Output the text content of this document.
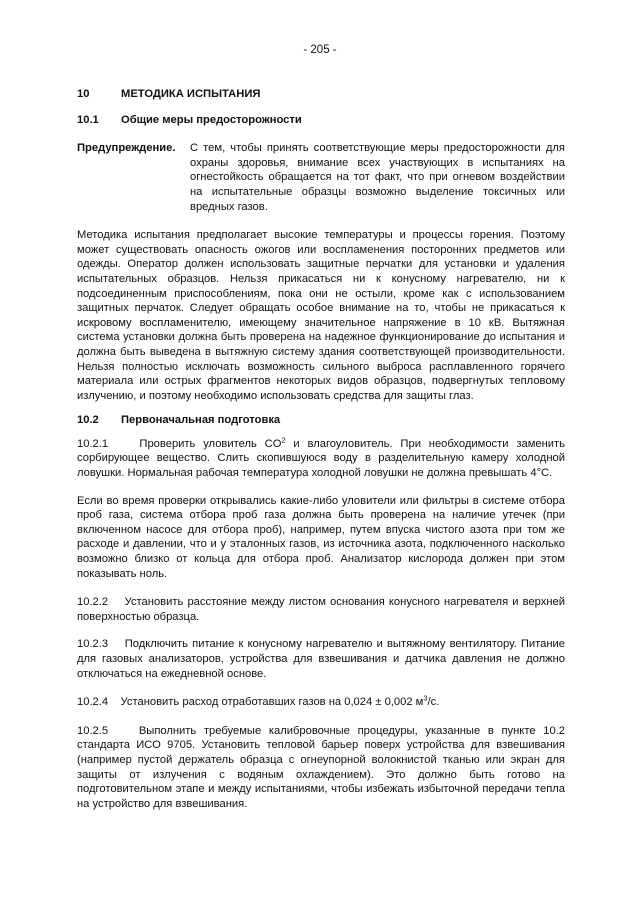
- 205 -
10	МЕТОДИКА ИСПЫТАНИЯ
10.1	Общие меры предосторожности
Предупреждение.	С тем, чтобы принять соответствующие меры предосторожности для охраны здоровья, внимание всех участвующих в испытаниях на огнестойкость обращается на тот факт, что при огневом воздействии на испытательные образцы возможно выделение токсичных или вредных газов.

Методика испытания предполагает высокие температуры и процессы горения. Поэтому может существовать опасность ожогов или воспламенения посторонних предметов или одежды. Оператор должен использовать защитные перчатки для установки и удаления испытательных образцов. Нельзя прикасаться ни к конусному нагревателю, ни к подсоединенным приспособлениям, пока они не остыли, кроме как с использованием защитных перчаток. Следует обращать особое внимание на то, чтобы не прикасаться к искровому воспламенителю, имеющему значительное напряжение в 10 кВ. Вытяжная система установки должна быть проверена на надежное функционирование до испытания и должна быть выведена в вытяжную систему здания соответствующей производительности. Нельзя полностью исключать возможность сильного выброса расплавленного горячего материала или острых фрагментов некоторых видов образцов, подвергнутых тепловому излучению, и поэтому необходимо использовать средства для защиты глаз.

10.2	Первоначальная подготовка

10.2.1	Проверить уловитель $CO^2$ и влагоуловитель. При необходимости заменить сорбирующее вещество. Слить скопившуюся воду в разделительную камеру холодной ловушки. Нормальная рабочая температура холодной ловушки не должна превышать 4°C.

Если во время проверки открывались какие-либо уловители или фильтры в системе отбора проб газа, система отбора проб газа должна быть проверена на наличие утечек (при включенном насосе для отбора проб), например, путем впуска чистого азота при том же расходе и давлении, что и у эталонных газов, из источника азота, подключенного насколько возможно близко от кольца для отбора проб. Анализатор кислорода должен при этом показывать ноль.

10.2.2 Установить расстояние между листом основания конусного нагревателя и верхней поверхностью образца.

10.2.3 Подключить питание к конусному нагревателю и вытяжному вентилятору. Питание для газовых анализаторов, устройства для взвешивания и датчика давления не должно отключаться на ежедневной основе.

10.2.4 Установить расход отработавших газов на 0,024 ± 0,002 $м^3/с$.

10.2.5	Выполнить требуемые калибровочные процедуры, указанные в пункте 10.2 стандарта ИСО 9705. Установить тепловой барьер поверх устройства для взвешивания (например пустой держатель образца с огнеупорной волокнистой тканью или экран для защиты от излучения с водяным охлаждением). Это должно быть готово на подготовительном этапе и между испытаниями, чтобы избежать избыточной передачи тепла на устройство для взвешивания.
